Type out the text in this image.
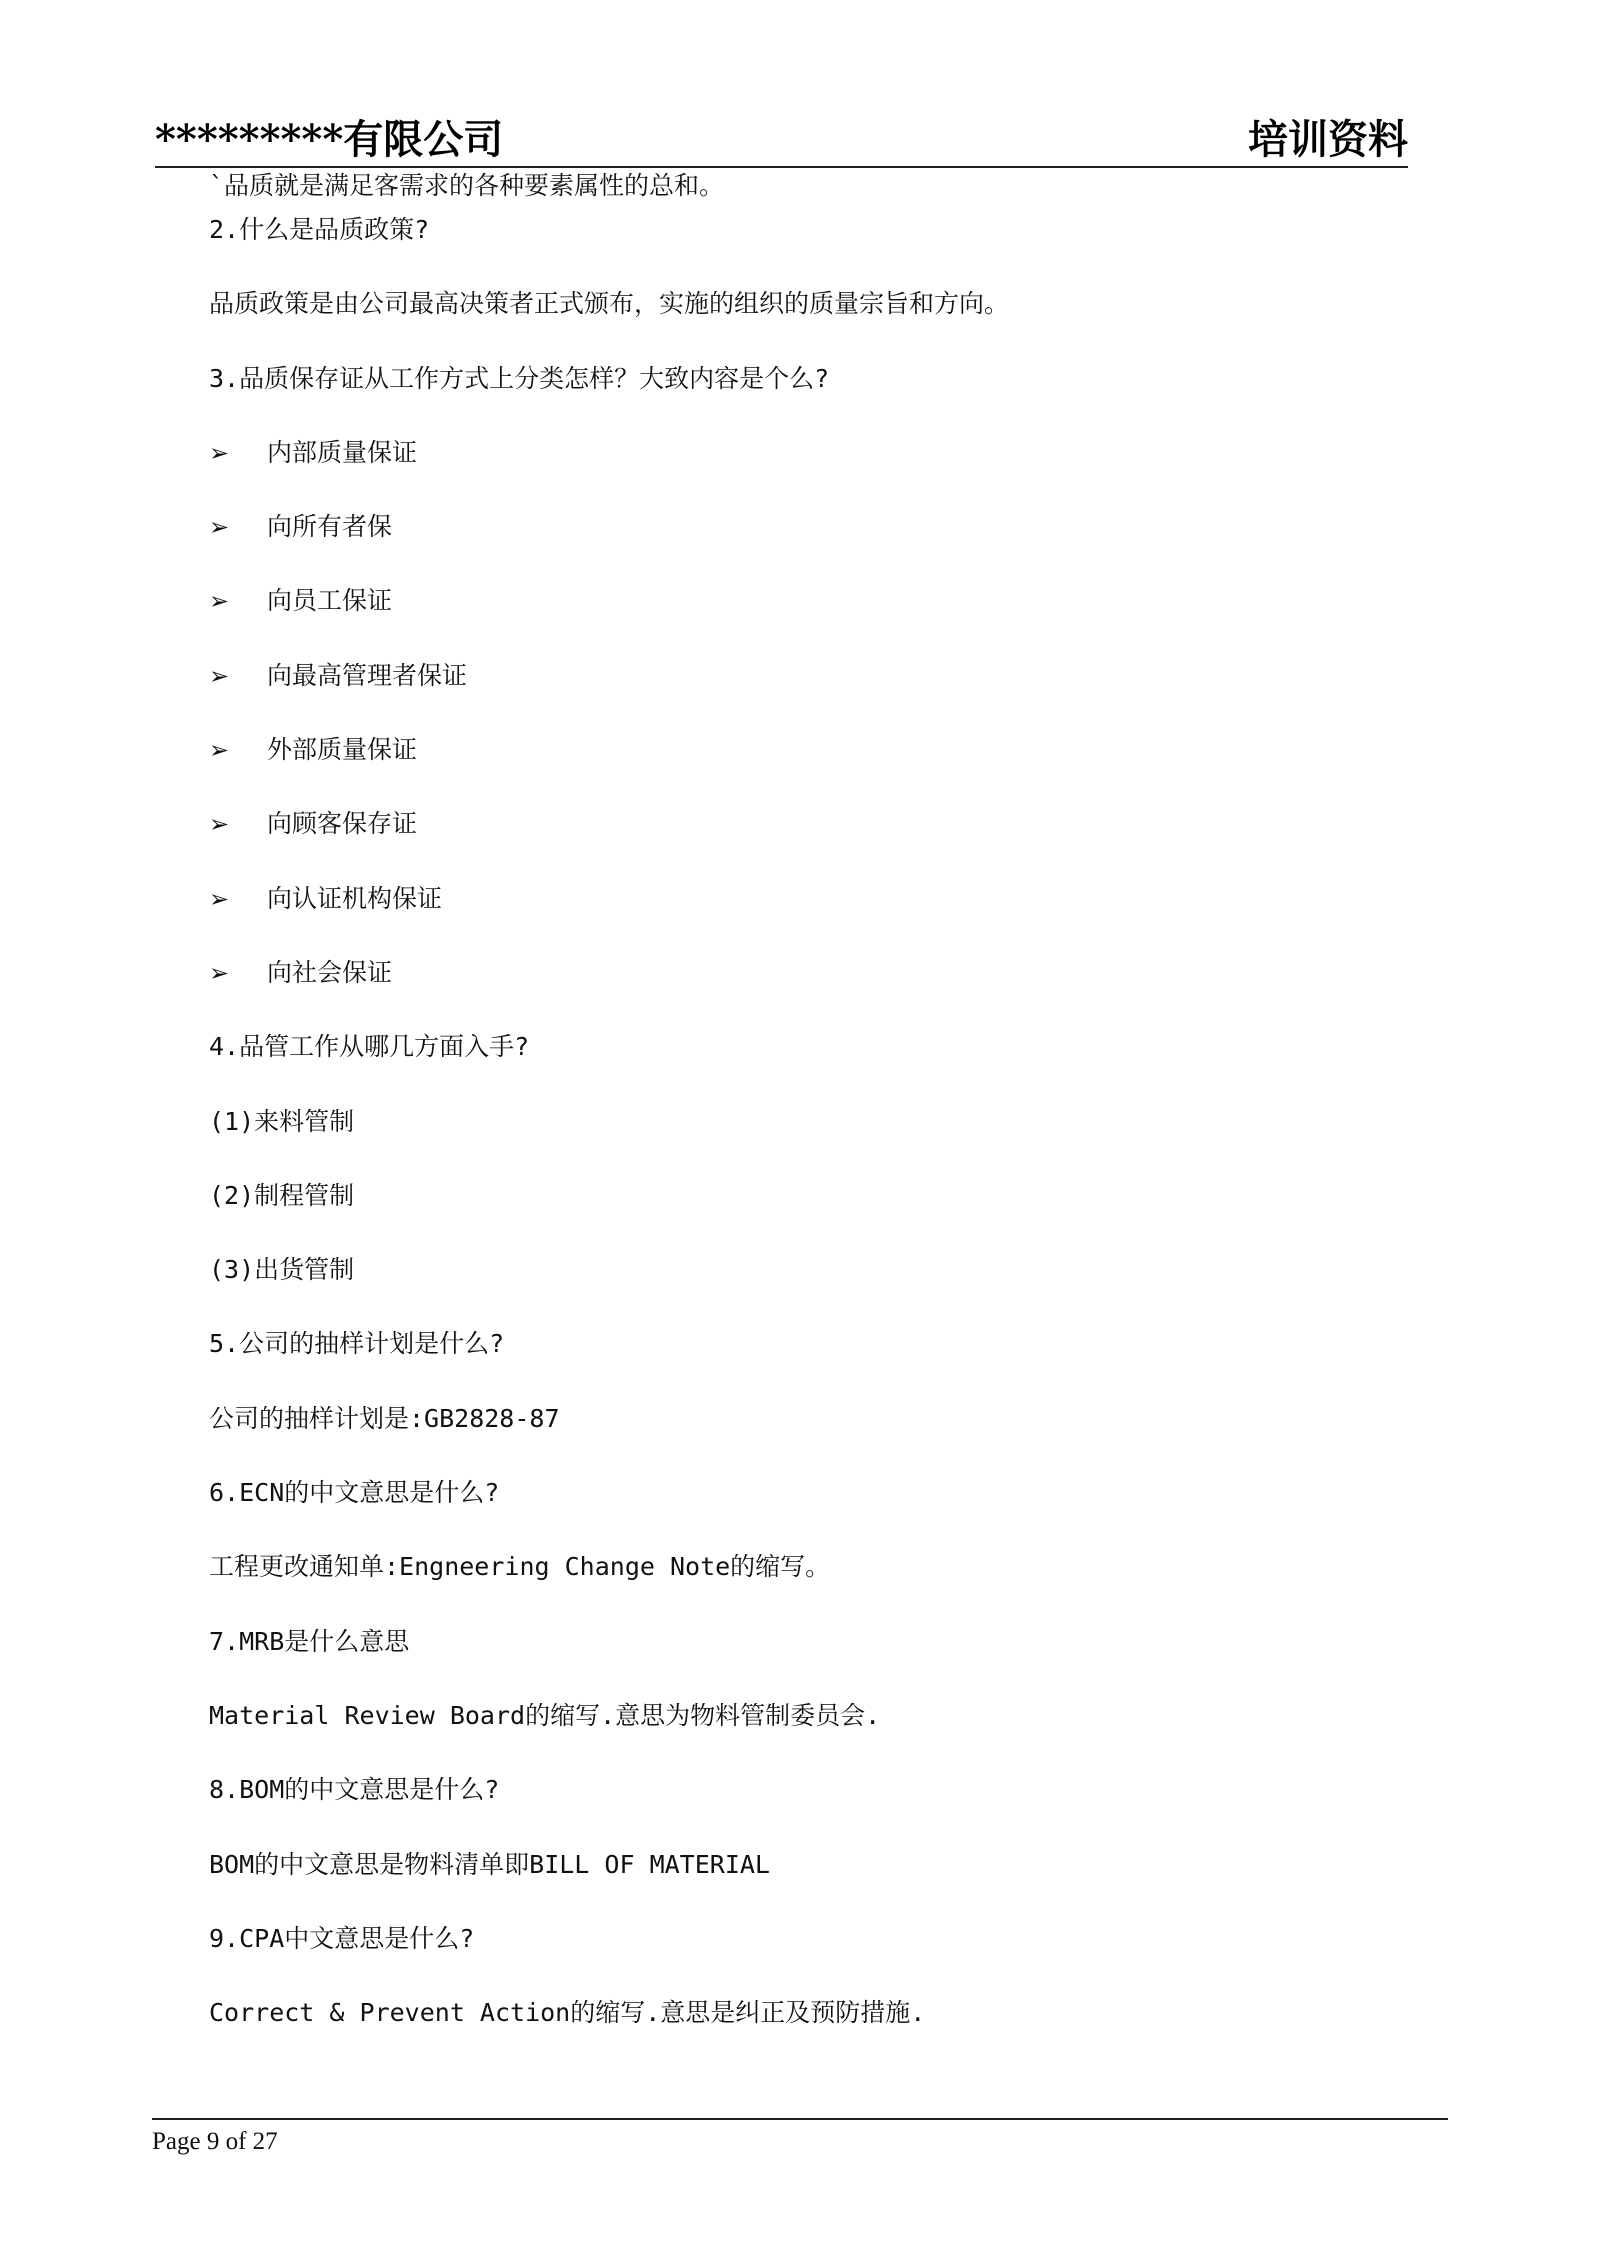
*********有限公司	培训资料
`品质就是满足客需求的各种要素属性的总和。
2.什么是品质政策?
品质政策是由公司最高决策者正式颁布，实施的组织的质量宗旨和方向。
3.品质保存证从工作方式上分类怎样？大致内容是个么?
➢	内部质量保证
➢	向所有者保
➢	向员工保证
➢	向最高管理者保证
➢	外部质量保证
➢	向顾客保存证
➢	向认证机构保证
➢	向社会保证
4.品管工作从哪几方面入手?
(1)来料管制
(2)制程管制
(3)出货管制
5.公司的抽样计划是什么?
公司的抽样计划是:GB2828-87
6.ECN的中文意思是什么?
工程更改通知单:Engneering Change Note的缩写。
7.MRB是什么意思
Material Review Board的缩写.意思为物料管制委员会.
8.BOM的中文意思是什么?
BOM的中文意思是物料清单即BILL OF MATERIAL
9.CPA中文意思是什么?
Correct & Prevent Action的缩写.意思是纠正及预防措施.
Page 9 of 27
